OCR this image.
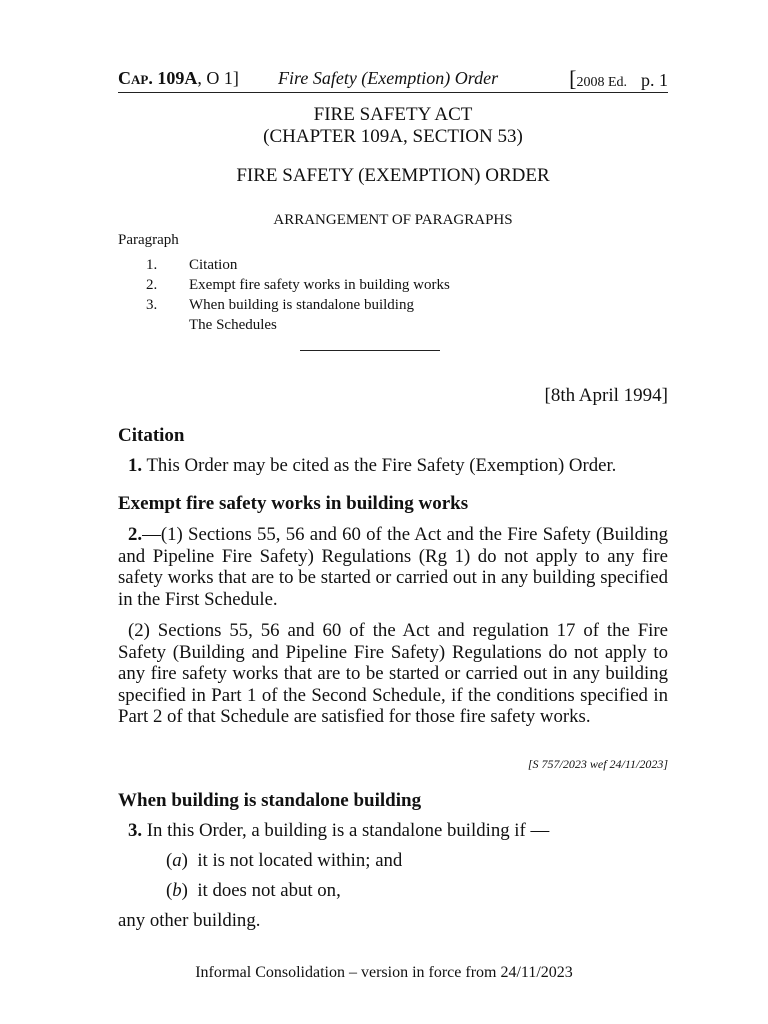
Cap. 109A, O 1] Fire Safety (Exemption) Order	[2008 Ed. p. 1
FIRE SAFETY ACT
(CHAPTER 109A, SECTION 53)
FIRE SAFETY (EXEMPTION) ORDER
ARRANGEMENT OF PARAGRAPHS
Paragraph
1. Citation
2. Exempt fire safety works in building works
3. When building is standalone building
The Schedules
[8th April 1994]
Citation
1. This Order may be cited as the Fire Safety (Exemption) Order.
Exempt fire safety works in building works
2.—(1) Sections 55, 56 and 60 of the Act and the Fire Safety (Building and Pipeline Fire Safety) Regulations (Rg 1) do not apply to any fire safety works that are to be started or carried out in any building specified in the First Schedule.
(2) Sections 55, 56 and 60 of the Act and regulation 17 of the Fire Safety (Building and Pipeline Fire Safety) Regulations do not apply to any fire safety works that are to be started or carried out in any building specified in Part 1 of the Second Schedule, if the conditions specified in Part 2 of that Schedule are satisfied for those fire safety works.
[S 757/2023 wef 24/11/2023]
When building is standalone building
3. In this Order, a building is a standalone building if —
(a)  it is not located within; and
(b)  it does not abut on,
any other building.
Informal Consolidation – version in force from 24/11/2023
